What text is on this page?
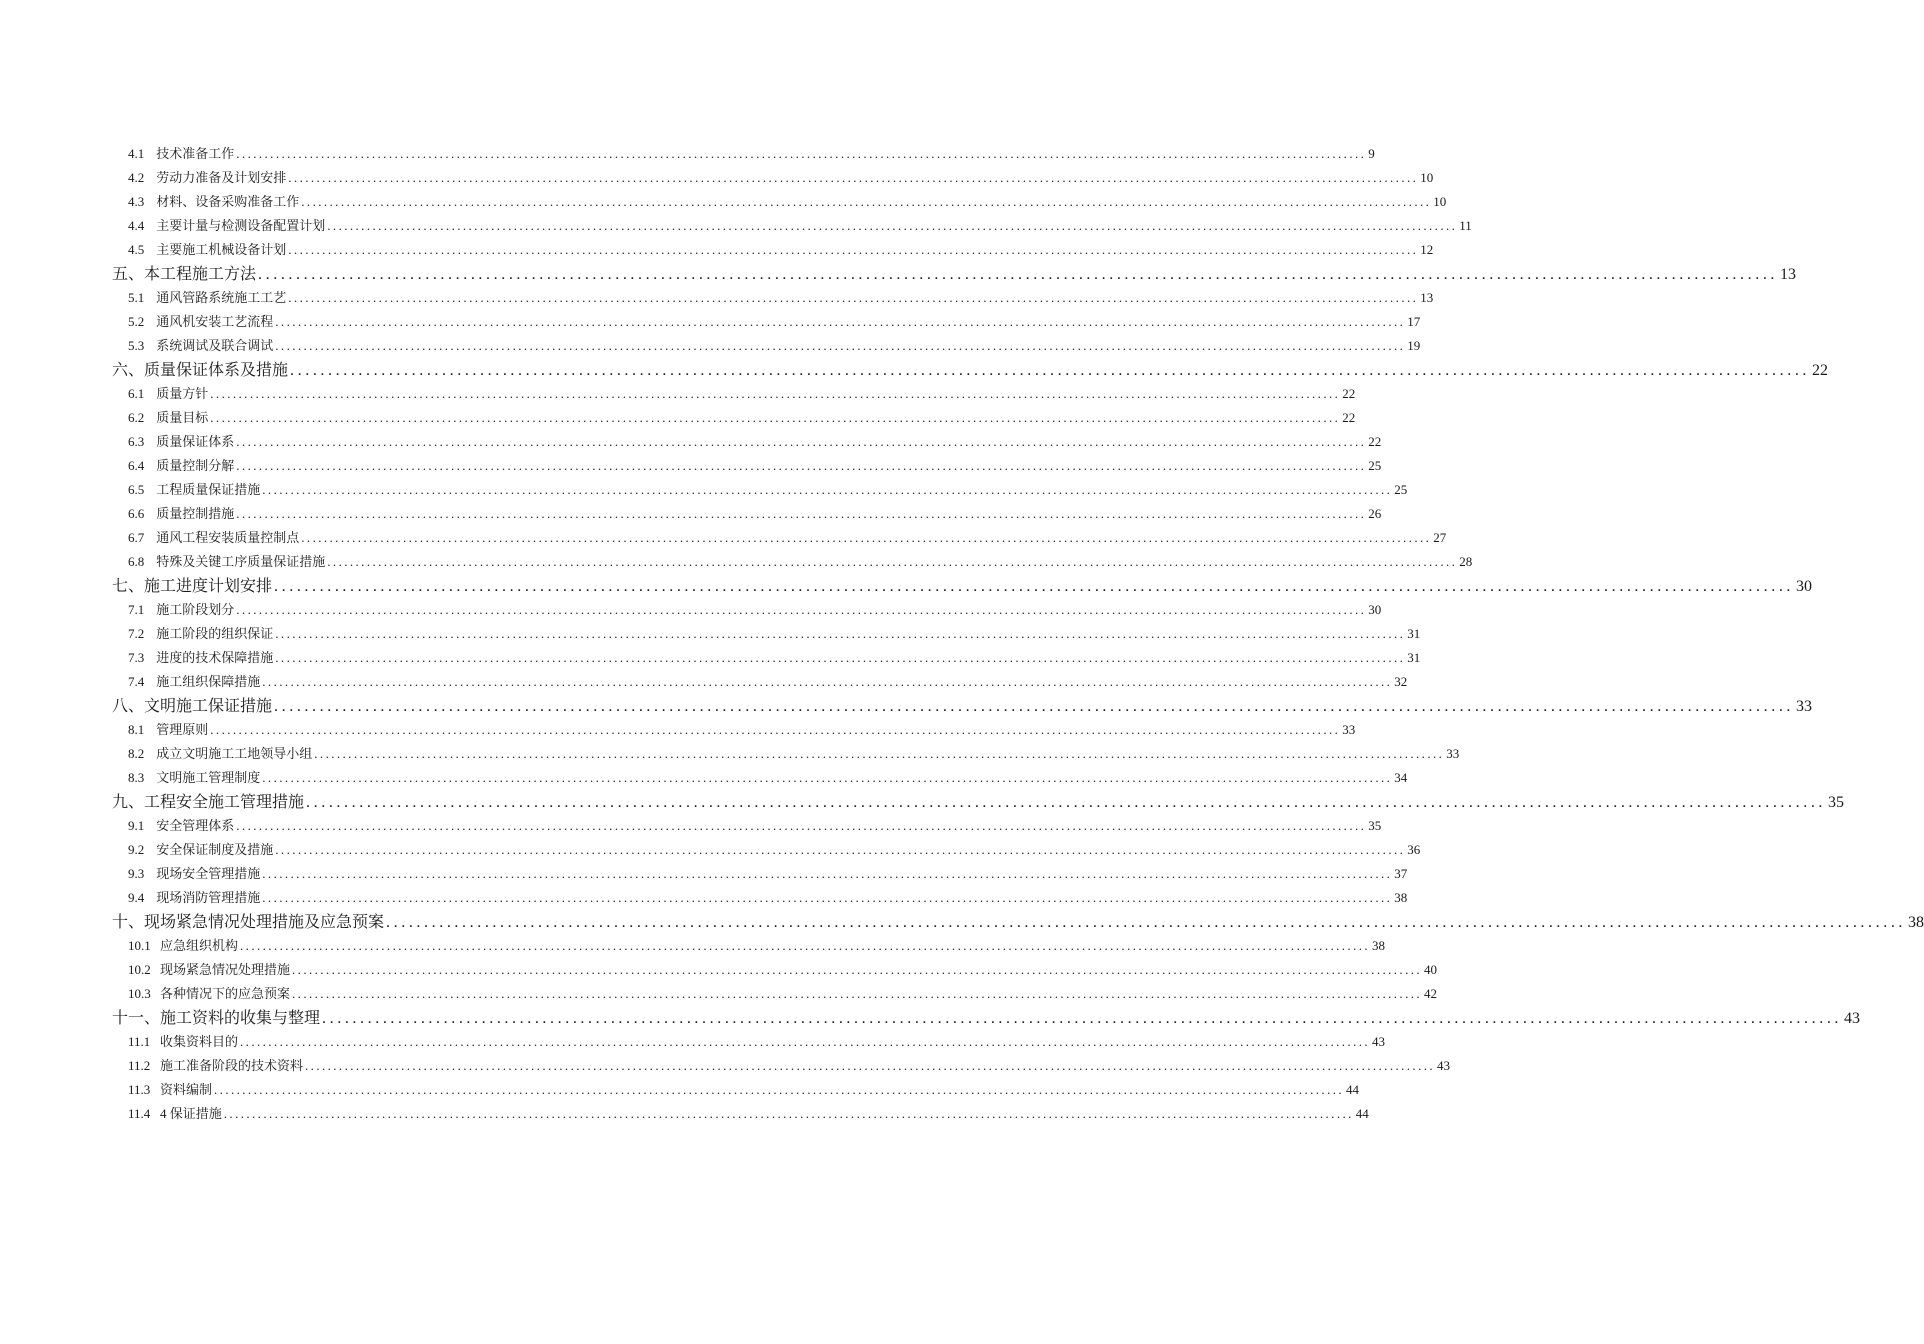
4.1 技术准备工作 ........................................................................................................................................................................................................ 9
4.2 劳动力准备及计划安排 ........................................................................................................................................................................................................ 10
4.3 材料、设备采购准备工作 ........................................................................................................................................................................................................ 10
4.4 主要计量与检测设备配置计划 ........................................................................................................................................................................................................ 11
4.5 主要施工机械设备计划 ........................................................................................................................................................................................................ 12
五、本工程施工方法 ........................................................................................................................................................................................................ 13
5.1 通风管路系统施工工艺 ........................................................................................................................................................................................................ 13
5.2 通风机安装工艺流程 ........................................................................................................................................................................................................ 17
5.3 系统调试及联合调试 ........................................................................................................................................................................................................ 19
六、质量保证体系及措施 ........................................................................................................................................................................................................ 22
6.1 质量方针 ........................................................................................................................................................................................................ 22
6.2 质量目标 ........................................................................................................................................................................................................ 22
6.3 质量保证体系 ........................................................................................................................................................................................................ 22
6.4 质量控制分解 ........................................................................................................................................................................................................ 25
6.5 工程质量保证措施 ........................................................................................................................................................................................................ 25
6.6 质量控制措施 ........................................................................................................................................................................................................ 26
6.7 通风工程安装质量控制点 ........................................................................................................................................................................................................ 27
6.8 特殊及关键工序质量保证措施 ........................................................................................................................................................................................................ 28
七、施工进度计划安排 ........................................................................................................................................................................................................ 30
7.1 施工阶段划分 ........................................................................................................................................................................................................ 30
7.2 施工阶段的组织保证 ........................................................................................................................................................................................................ 31
7.3 进度的技术保障措施 ........................................................................................................................................................................................................ 31
7.4 施工组织保障措施 ........................................................................................................................................................................................................ 32
八、文明施工保证措施 ........................................................................................................................................................................................................ 33
8.1 管理原则 ........................................................................................................................................................................................................ 33
8.2 成立文明施工工地领导小组 ........................................................................................................................................................................................................ 33
8.3 文明施工管理制度 ........................................................................................................................................................................................................ 34
九、工程安全施工管理措施 ........................................................................................................................................................................................................ 35
9.1 安全管理体系 ........................................................................................................................................................................................................ 35
9.2 安全保证制度及措施 ........................................................................................................................................................................................................ 36
9.3 现场安全管理措施 ........................................................................................................................................................................................................ 37
9.4 现场消防管理措施 ........................................................................................................................................................................................................ 38
十、现场紧急情况处理措施及应急预案 ........................................................................................................................................................................................................ 38
10.1 应急组织机构 ........................................................................................................................................................................................................ 38
10.2 现场紧急情况处理措施 ........................................................................................................................................................................................................ 40
10.3 各种情况下的应急预案 ........................................................................................................................................................................................................ 42
十一、施工资料的收集与整理 ........................................................................................................................................................................................................ 43
11.1 收集资料目的 ........................................................................................................................................................................................................ 43
11.2 施工准备阶段的技术资料 ........................................................................................................................................................................................................ 43
11.3 资料编制 ........................................................................................................................................................................................................ 44
11.4 4 保证措施 ........................................................................................................................................................................................................ 44
